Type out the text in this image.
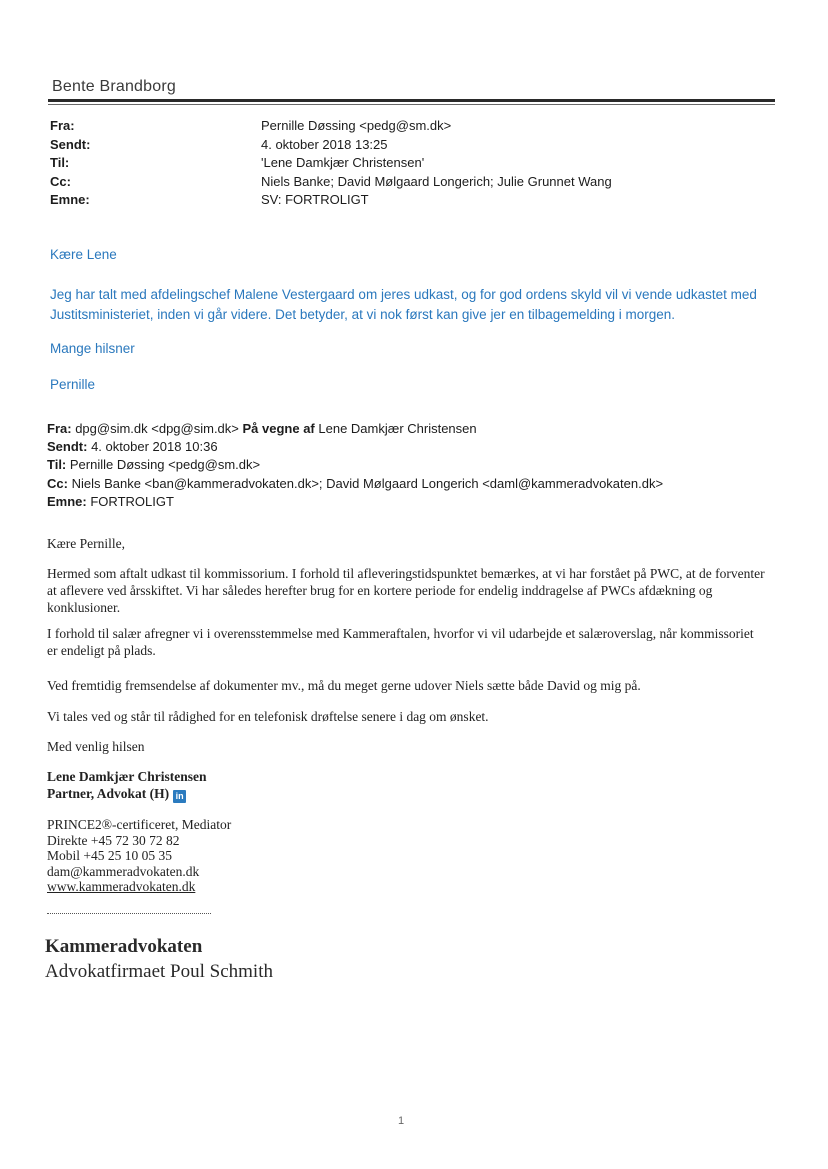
Bente Brandborg
Fra:	Pernille Døssing <pedg@sm.dk>
Sendt:	4. oktober 2018 13:25
Til:	'Lene Damkjær Christensen'
Cc:	Niels Banke; David Mølgaard Longerich; Julie Grunnet Wang
Emne:	SV: FORTROLIGT
Kære Lene
Jeg har talt med afdelingschef Malene Vestergaard om jeres udkast, og for god ordens skyld vil vi vende udkastet med Justitsministeriet, inden vi går videre. Det betyder, at vi nok først kan give jer en tilbagemelding i morgen.
Mange hilsner
Pernille
Fra: dpg@sim.dk <dpg@sim.dk> På vegne af Lene Damkjær Christensen
Sendt: 4. oktober 2018 10:36
Til: Pernille Døssing <pedg@sm.dk>
Cc: Niels Banke <ban@kammeradvokaten.dk>; David Mølgaard Longerich <daml@kammeradvokaten.dk>
Emne: FORTROLIGT
Kære Pernille,
Hermed som aftalt udkast til kommissorium. I forhold til afleveringstidspunktet bemærkes, at vi har forstået på PWC, at de forventer at aflevere ved årsskiftet. Vi har således herefter brug for en kortere periode for endelig inddragelse af PWCs afdækning og konklusioner.
I forhold til salær afregner vi i overensstemmelse med Kammeraftalen, hvorfor vi vil udarbejde et salæroverslag, når kommissoriet er endeligt på plads.
Ved fremtidig fremsendelse af dokumenter mv., må du meget gerne udover Niels sætte både David og mig på.
Vi tales ved og står til rådighed for en telefonisk drøftelse senere i dag om ønsket.
Med venlig hilsen
Lene Damkjær Christensen
Partner, Advokat (H) in
PRINCE2®-certificeret, Mediator
Direkte +45 72 30 72 82
Mobil +45 25 10 05 35
dam@kammeradvokaten.dk
www.kammeradvokaten.dk
Kammeradvokaten
Advokatfirmaet Poul Schmith
1
